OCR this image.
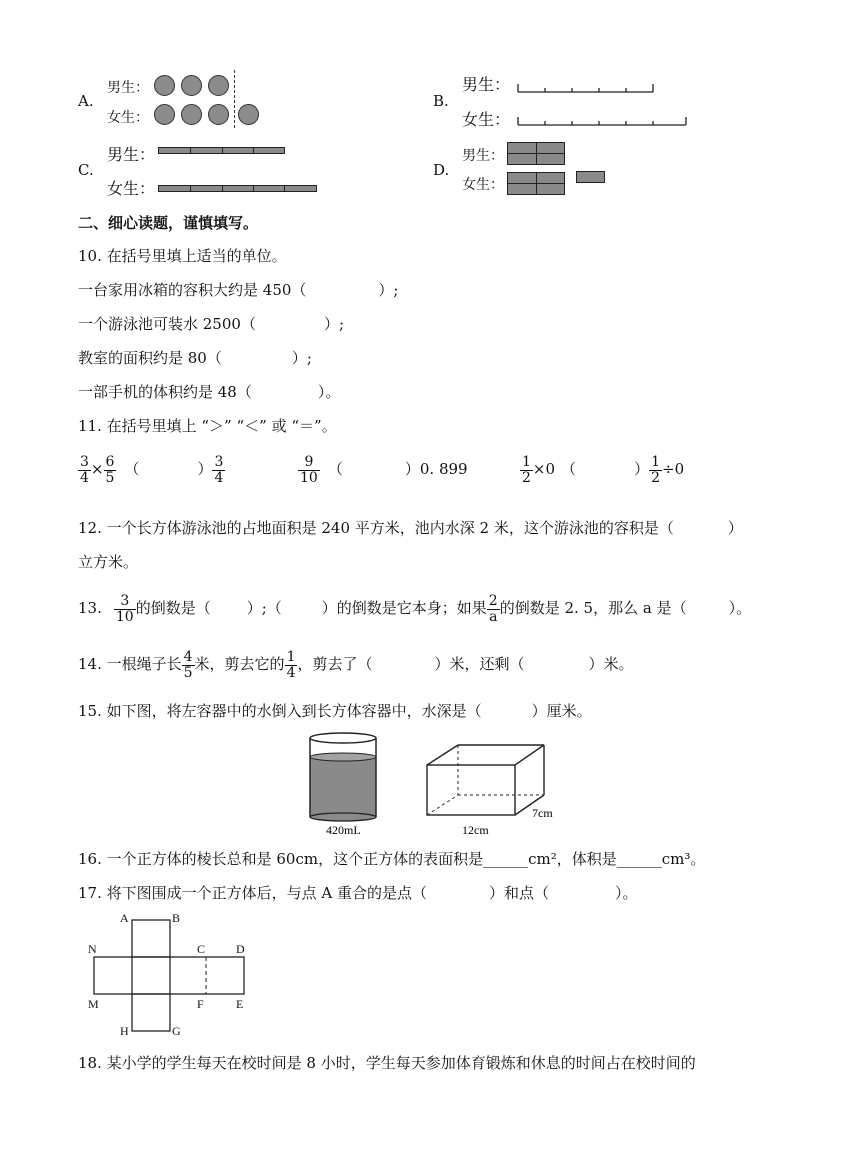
A.
男生：
女生：
B.
男生：
女生：
C.
男生：
女生：
D.
男生：
女生：
二、细心读题，谨慎填写。
10. 在括号里填上适当的单位。
一台家用冰箱的容积大约是 450（	）;
一个游泳池可装水 2500（	）;
教室的面积约是 80（	）;
一部手机的体积约是 48（	）。
11. 在括号里填上 “＞” “＜” 或 “＝”。
$\frac{3}{4} \times \frac{6}{5}$ （	） $\frac{3}{4}$	$\frac{9}{10}$ （	）0. 899	$\frac{1}{2} \times 0$ （	） $\frac{1}{2} \div 0$
12. 一个长方体游泳池的占地面积是 240 平方米，池内水深 2 米，这个游泳池的容积是（	）
立方米。
13. $\frac{3}{10}$ 的倒数是（ ）;（	）的倒数是它本身；如果 $\frac{2}{a}$ 的倒数是 2. 5，那么 a 是（	）。
14. 一根绳子长 $\frac{4}{5}$ 米，剪去它的 $\frac{1}{4}$ ，剪去了（	）米，还剩（	）米。
15. 如下图，将左容器中的水倒入到长方体容器中，水深是（	）厘米。
420mL	12cm
7cm
16. 一个正方体的棱长总和是 60cm，这个正方体的表面积是______cm²，体积是______cm³。
17. 将下图围成一个正方体后，与点 A 重合的是点（	）和点（	）。
A	B
C	D
N
M	F	E
H	G
18. 某小学的学生每天在校时间是 8 小时，学生每天参加体育锻炼和休息的时间占在校时间的
